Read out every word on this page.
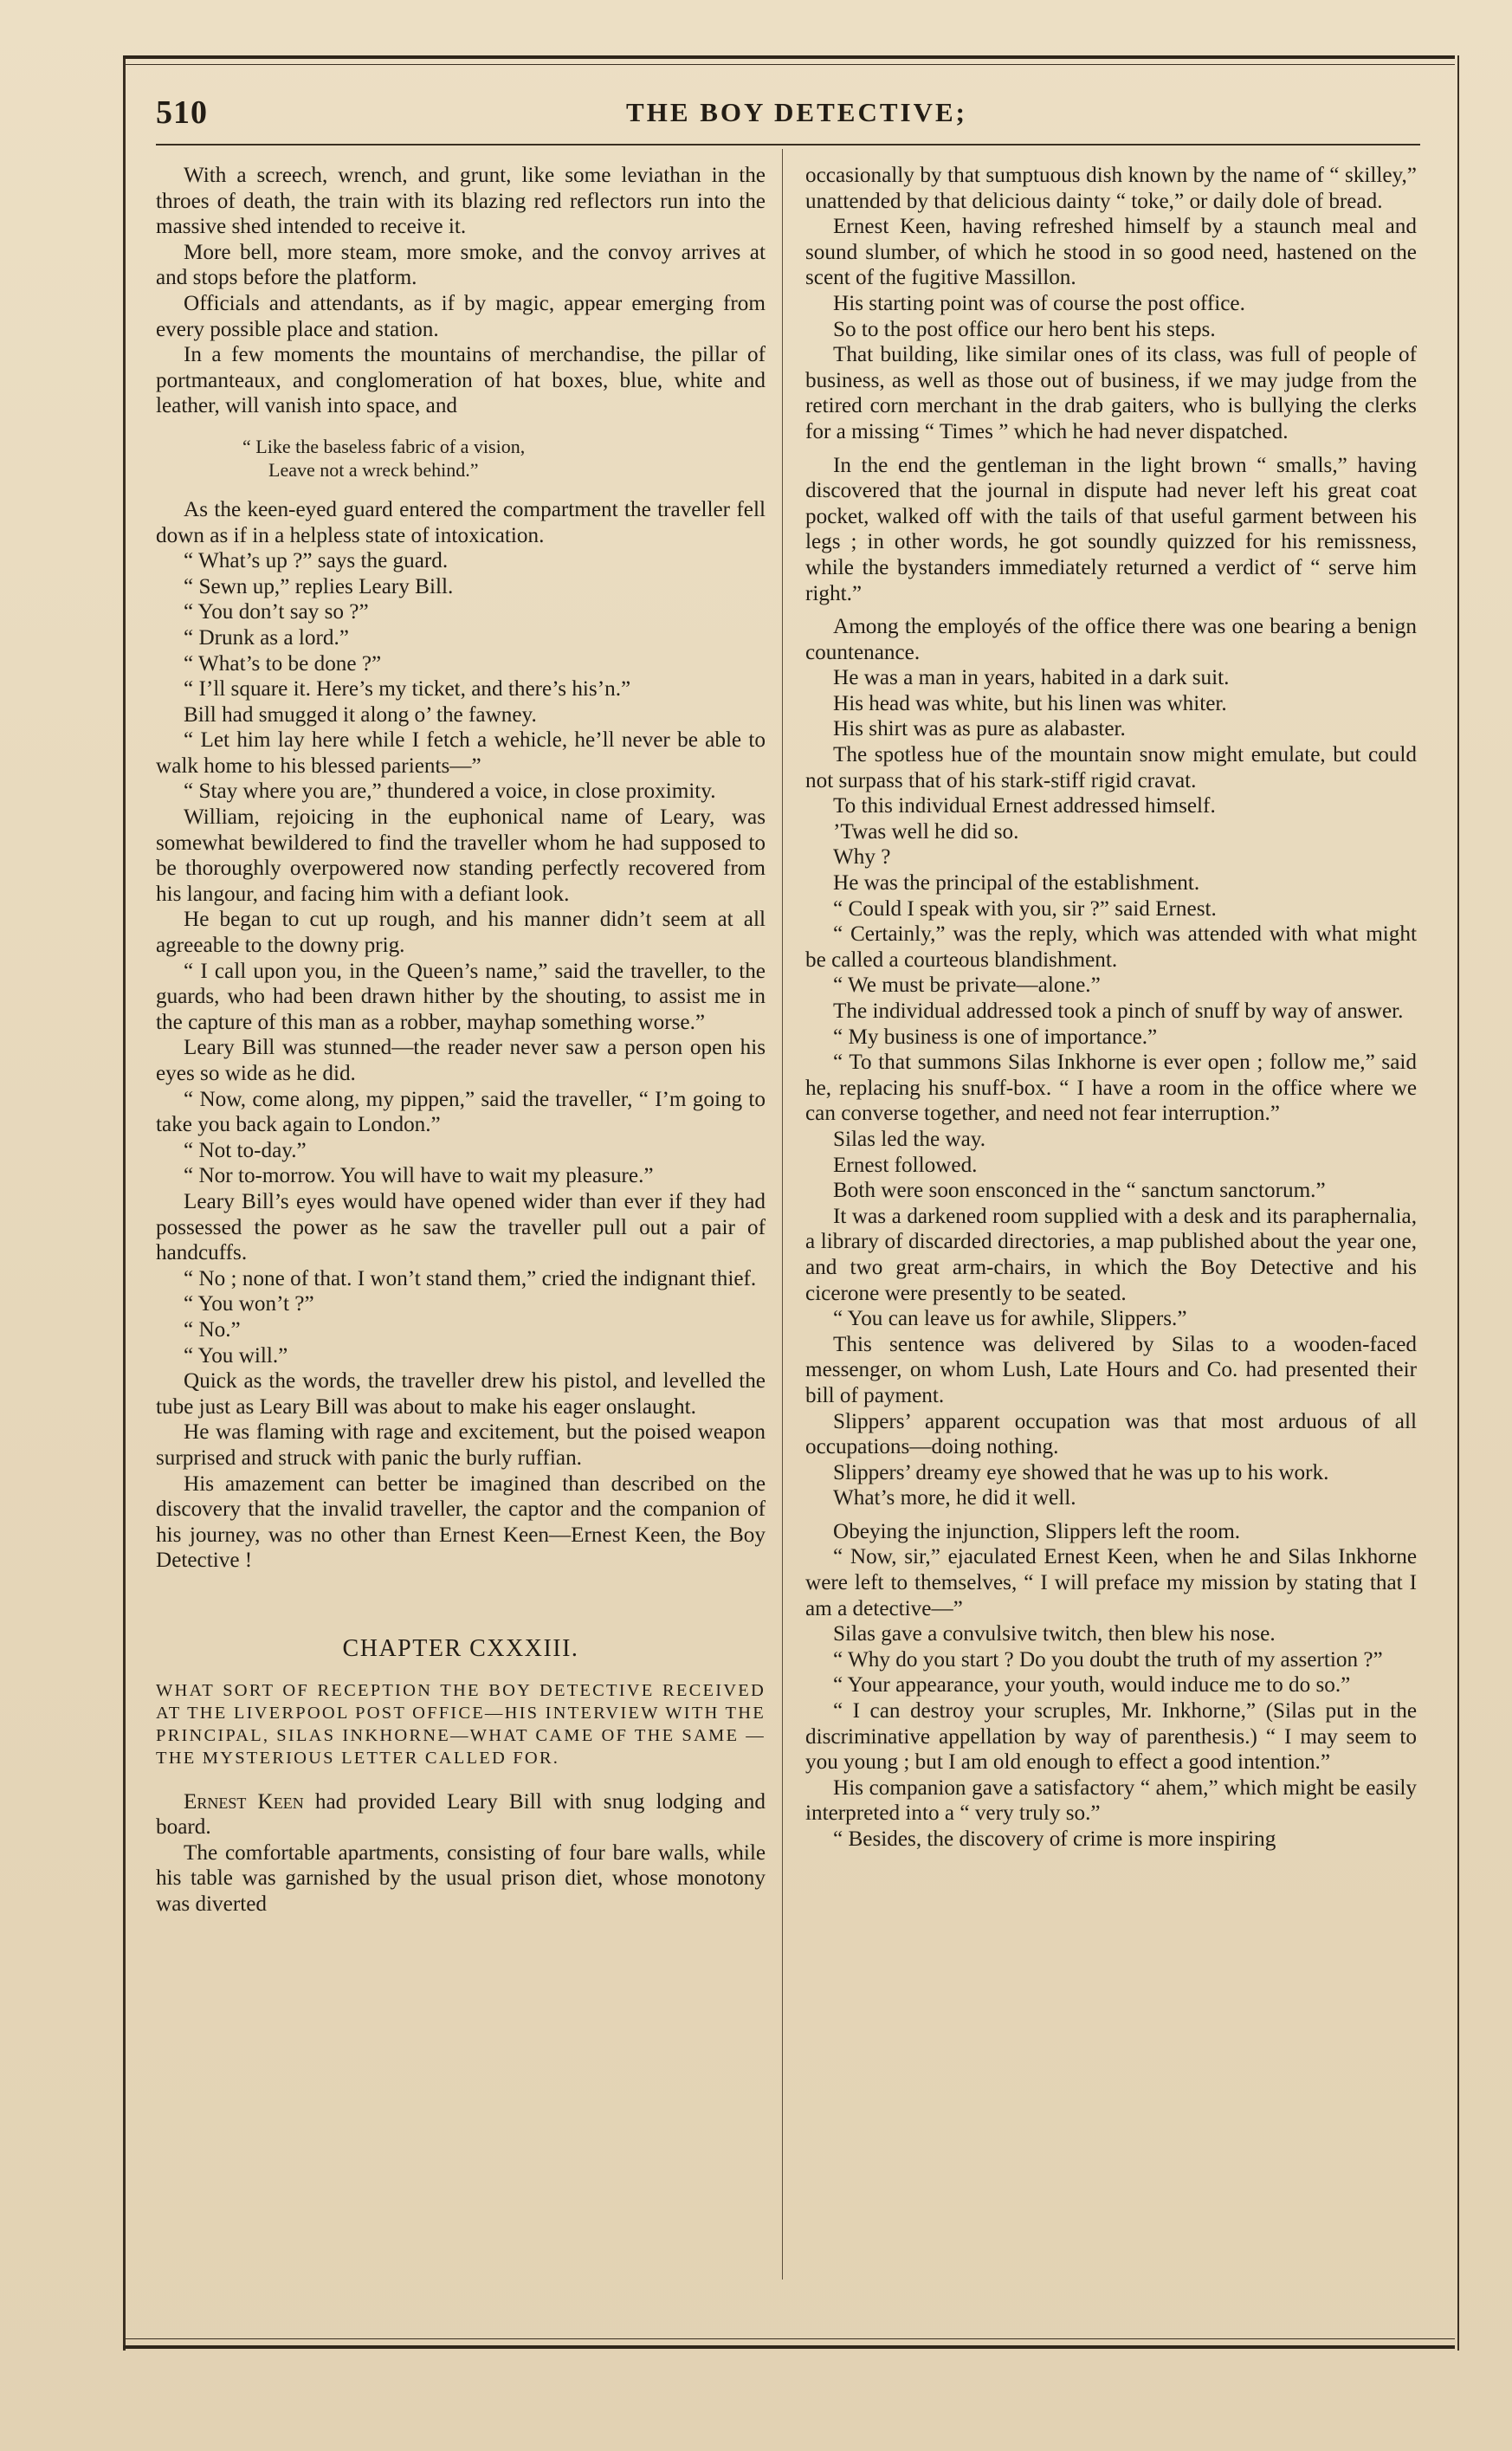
510	THE BOY DETECTIVE;

With a screech, wrench, and grunt, like some leviathan in the throes of death, the train with its blazing red reflectors run into the massive shed intended to receive it.

More bell, more steam, more smoke, and the convoy arrives at and stops before the platform.

Officials and attendants, as if by magic, appear emerging from every possible place and station.

In a few moments the mountains of merchandise, the pillar of portmanteaux, and conglomeration of hat boxes, blue, white and leather, will vanish into space, and

“ Like the baseless fabric of a vision,
Leave not a wreck behind.”

As the keen-eyed guard entered the compartment the traveller fell down as if in a helpless state of intoxication.

“ What’s up ?” says the guard.

“ Sewn up,” replies Leary Bill.

“ You don’t say so ?”

“ Drunk as a lord.”

“ What’s to be done ?”

“ I’ll square it. Here’s my ticket, and there’s his’n.”

Bill had smugged it along o’ the fawney.

“ Let him lay here while I fetch a wehicle, he’ll never be able to walk home to his blessed parients—”

“ Stay where you are,” thundered a voice, in close proximity.

William, rejoicing in the euphonical name of Leary, was somewhat bewildered to find the traveller whom he had supposed to be thoroughly overpowered now standing perfectly recovered from his langour, and facing him with a defiant look.

He began to cut up rough, and his manner didn’t seem at all agreeable to the downy prig.

“ I call upon you, in the Queen’s name,” said the traveller, to the guards, who had been drawn hither by the shouting, to assist me in the capture of this man as a robber, mayhap something worse.”

Leary Bill was stunned—the reader never saw a person open his eyes so wide as he did.

“ Now, come along, my pippen,” said the traveller, “ I’m going to take you back again to London.”

“ Not to-day.”

“ Nor to-morrow. You will have to wait my pleasure.”

Leary Bill’s eyes would have opened wider than ever if they had possessed the power as he saw the traveller pull out a pair of handcuffs.

“ No ; none of that. I won’t stand them,” cried the indignant thief.

“ You won’t ?”

“ No.”

“ You will.”

Quick as the words, the traveller drew his pistol, and levelled the tube just as Leary Bill was about to make his eager onslaught.

He was flaming with rage and excitement, but the poised weapon surprised and struck with panic the burly ruffian.

His amazement can better be imagined than described on the discovery that the invalid traveller, the captor and the companion of his journey, was no other than Ernest Keen—Ernest Keen, the Boy Detective !

CHAPTER CXXXIII.
WHAT SORT OF RECEPTION THE BOY DETECTIVE RECEIVED AT THE LIVERPOOL POST OFFICE—HIS INTERVIEW WITH THE PRINCIPAL, SILAS INKHORNE—WHAT CAME OF THE SAME — THE MYSTERIOUS LETTER CALLED FOR.

Ernest Keen had provided Leary Bill with snug lodging and board.

The comfortable apartments, consisting of four bare walls, while his table was garnished by the usual prison diet, whose monotony was diverted

occasionally by that sumptuous dish known by the name of “ skilley,” unattended by that delicious dainty “ toke,” or daily dole of bread.

Ernest Keen, having refreshed himself by a staunch meal and sound slumber, of which he stood in so good need, hastened on the scent of the fugitive Massillon.

His starting point was of course the post office.

So to the post office our hero bent his steps.

That building, like similar ones of its class, was full of people of business, as well as those out of business, if we may judge from the retired corn merchant in the drab gaiters, who is bullying the clerks for a missing “ Times ” which he had never dispatched.

In the end the gentleman in the light brown “ smalls,” having discovered that the journal in dispute had never left his great coat pocket, walked off with the tails of that useful garment between his legs ; in other words, he got soundly quizzed for his remissness, while the bystanders immediately returned a verdict of “ serve him right.”

Among the employés of the office there was one bearing a benign countenance.

He was a man in years, habited in a dark suit.

His head was white, but his linen was whiter.

His shirt was as pure as alabaster.

The spotless hue of the mountain snow might emulate, but could not surpass that of his stark-stiff rigid cravat.

To this individual Ernest addressed himself.

’Twas well he did so.

Why ?

He was the principal of the establishment.

“ Could I speak with you, sir ?” said Ernest.

“ Certainly,” was the reply, which was attended with what might be called a courteous blandishment.

“ We must be private—alone.”

The individual addressed took a pinch of snuff by way of answer.

“ My business is one of importance.”

“ To that summons Silas Inkhorne is ever open ; follow me,” said he, replacing his snuff-box. “ I have a room in the office where we can converse together, and need not fear interruption.”

Silas led the way.

Ernest followed.

Both were soon ensconced in the “ sanctum sanctorum.”

It was a darkened room supplied with a desk and its paraphernalia, a library of discarded directories, a map published about the year one, and two great arm-chairs, in which the Boy Detective and his cicerone were presently to be seated.

“ You can leave us for awhile, Slippers.”

This sentence was delivered by Silas to a wooden-faced messenger, on whom Lush, Late Hours and Co. had presented their bill of payment.

Slippers’ apparent occupation was that most arduous of all occupations—doing nothing.

Slippers’ dreamy eye showed that he was up to his work.

What’s more, he did it well.

Obeying the injunction, Slippers left the room.

“ Now, sir,” ejaculated Ernest Keen, when he and Silas Inkhorne were left to themselves, “ I will preface my mission by stating that I am a detective—”

Silas gave a convulsive twitch, then blew his nose.

“ Why do you start ? Do you doubt the truth of my assertion ?”

“ Your appearance, your youth, would induce me to do so.”

“ I can destroy your scruples, Mr. Inkhorne,” (Silas put in the discriminative appellation by way of parenthesis.) “ I may seem to you young ; but I am old enough to effect a good intention.”

His companion gave a satisfactory “ ahem,” which might be easily interpreted into a “ very truly so.”

“ Besides, the discovery of crime is more inspiring
